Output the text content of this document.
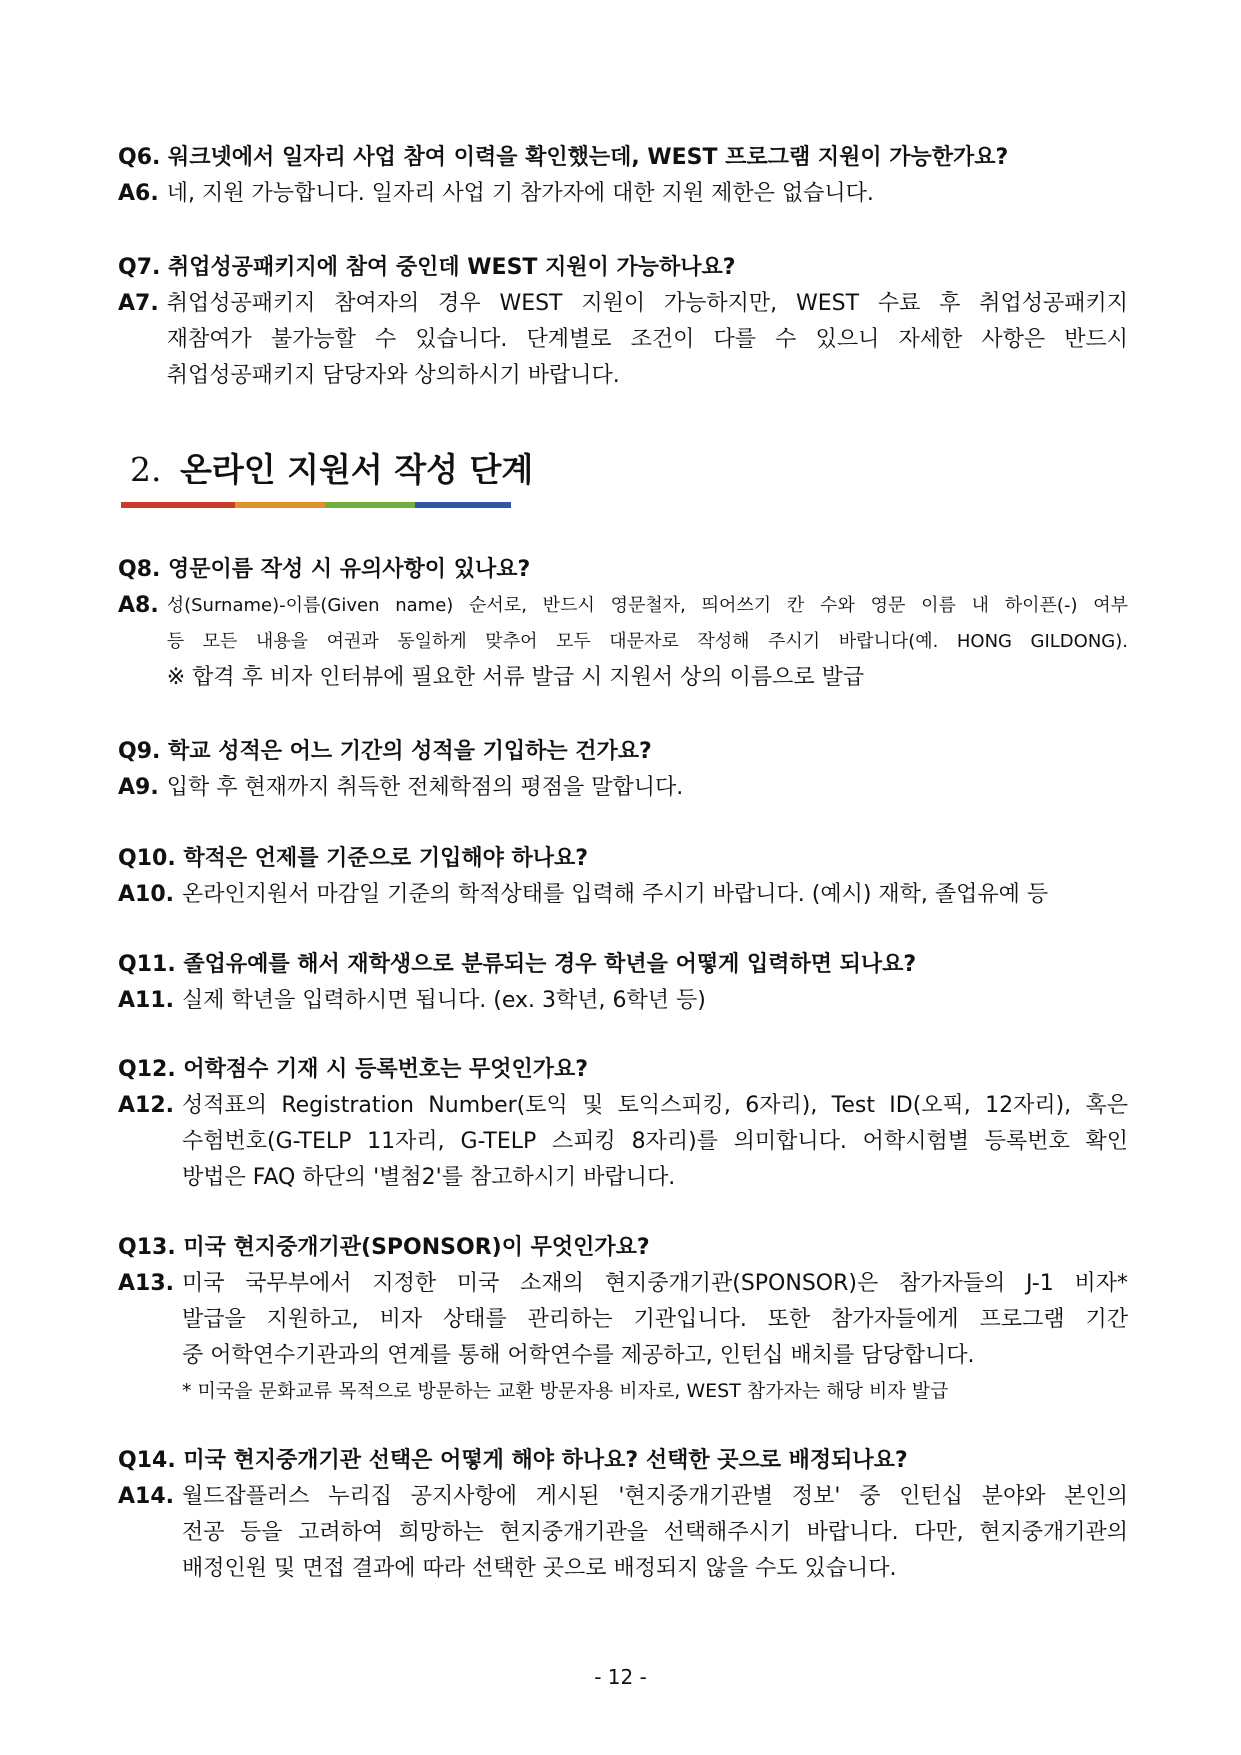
Q6. 워크넷에서 일자리 사업 참여 이력을 확인했는데, WEST 프로그램 지원이 가능한가요?
A6. 네, 지원 가능합니다. 일자리 사업 기 참가자에 대한 지원 제한은 없습니다.
Q7. 취업성공패키지에 참여 중인데 WEST 지원이 가능하나요?
A7. 취업성공패키지 참여자의 경우 WEST 지원이 가능하지만, WEST 수료 후 취업성공패키지
재참여가 불가능할 수 있습니다. 단계별로 조건이 다를 수 있으니 자세한 사항은 반드시
취업성공패키지 담당자와 상의하시기 바랍니다.
2. 온라인 지원서 작성 단계
Q8. 영문이름 작성 시 유의사항이 있나요?
A8. 성(Surname)-이름(Given name) 순서로, 반드시 영문철자, 띄어쓰기 칸 수와 영문 이름 내 하이픈(-) 여부
등 모든 내용을 여권과 동일하게 맞추어 모두 대문자로 작성해 주시기 바랍니다(예. HONG GILDONG).
※ 합격 후 비자 인터뷰에 필요한 서류 발급 시 지원서 상의 이름으로 발급
Q9. 학교 성적은 어느 기간의 성적을 기입하는 건가요?
A9. 입학 후 현재까지 취득한 전체학점의 평점을 말합니다.
Q10. 학적은 언제를 기준으로 기입해야 하나요?
A10. 온라인지원서 마감일 기준의 학적상태를 입력해 주시기 바랍니다. (예시) 재학, 졸업유예 등
Q11. 졸업유예를 해서 재학생으로 분류되는 경우 학년을 어떻게 입력하면 되나요?
A11. 실제 학년을 입력하시면 됩니다. (ex. 3학년, 6학년 등)
Q12. 어학점수 기재 시 등록번호는 무엇인가요?
A12. 성적표의 Registration Number(토익 및 토익스피킹, 6자리), Test ID(오픽, 12자리), 혹은
수험번호(G-TELP 11자리, G-TELP 스피킹 8자리)를 의미합니다. 어학시험별 등록번호 확인
방법은 FAQ 하단의 '별첨2'를 참고하시기 바랍니다.
Q13. 미국 현지중개기관(SPONSOR)이 무엇인가요?
A13. 미국 국무부에서 지정한 미국 소재의 현지중개기관(SPONSOR)은 참가자들의 J-1 비자*
발급을 지원하고, 비자 상태를 관리하는 기관입니다. 또한 참가자들에게 프로그램 기간
중 어학연수기관과의 연계를 통해 어학연수를 제공하고, 인턴십 배치를 담당합니다.
* 미국을 문화교류 목적으로 방문하는 교환 방문자용 비자로, WEST 참가자는 해당 비자 발급
Q14. 미국 현지중개기관 선택은 어떻게 해야 하나요? 선택한 곳으로 배정되나요?
A14. 월드잡플러스 누리집 공지사항에 게시된 '현지중개기관별 정보' 중 인턴십 분야와 본인의
전공 등을 고려하여 희망하는 현지중개기관을 선택해주시기 바랍니다. 다만, 현지중개기관의
배정인원 및 면접 결과에 따라 선택한 곳으로 배정되지 않을 수도 있습니다.
- 12 -
